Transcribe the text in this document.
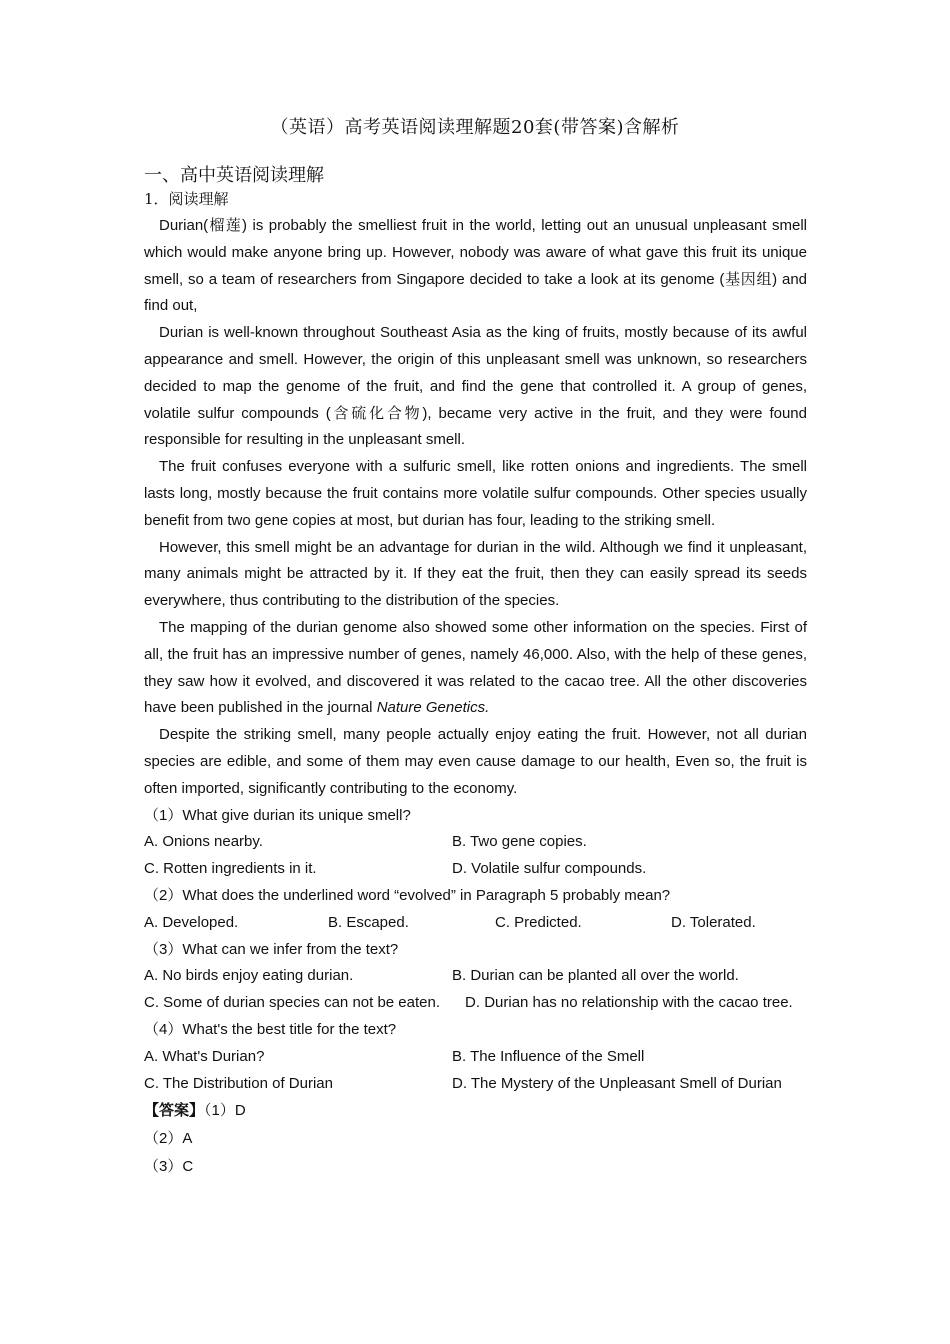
（英语）高考英语阅读理解题20套(带答案)含解析
一、高中英语阅读理解
1．阅读理解

Durian(榴莲) is probably the smelliest fruit in the world, letting out an unusual unpleasant smell which would make anyone bring up. However, nobody was aware of what gave this fruit its unique smell, so a team of researchers from Singapore decided to take a look at its genome (基因组) and find out,

Durian is well-known throughout Southeast Asia as the king of fruits, mostly because of its awful appearance and smell. However, the origin of this unpleasant smell was unknown, so researchers decided to map the genome of the fruit, and find the gene that controlled it. A group of genes, volatile sulfur compounds (含硫化合物), became very active in the fruit, and they were found responsible for resulting in the unpleasant smell.

The fruit confuses everyone with a sulfuric smell, like rotten onions and ingredients. The smell lasts long, mostly because the fruit contains more volatile sulfur compounds. Other species usually benefit from two gene copies at most, but durian has four, leading to the striking smell.

However, this smell might be an advantage for durian in the wild. Although we find it unpleasant, many animals might be attracted by it. If they eat the fruit, then they can easily spread its seeds everywhere, thus contributing to the distribution of the species.

The mapping of the durian genome also showed some other information on the species. First of all, the fruit has an impressive number of genes, namely 46,000. Also, with the help of these genes, they saw how it evolved, and discovered it was related to the cacao tree. All the other discoveries have been published in the journal Nature Genetics.

Despite the striking smell, many people actually enjoy eating the fruit. However, not all durian species are edible, and some of them may even cause damage to our health, Even so, the fruit is often imported, significantly contributing to the economy.

（1）What give durian its unique smell?

A. Onions nearby.	B. Two gene copies.
C. Rotten ingredients in it.	D. Volatile sulfur compounds.

（2）What does the underlined word “evolved” in Paragraph 5 probably mean?

A. Developed.	B. Escaped.	C. Predicted.	D. Tolerated.

（3）What can we infer from the text?

A. No birds enjoy eating durian.	B. Durian can be planted all over the world.

C. Some of durian species can not be eaten. D. Durian has no relationship with the cacao tree.

（4）What's the best title for the text?

A. What's Durian?	B. The Influence of the Smell
C. The Distribution of Durian	D. The Mystery of the Unpleasant Smell of Durian

【答案】（1）D

（2）A

（3）C
